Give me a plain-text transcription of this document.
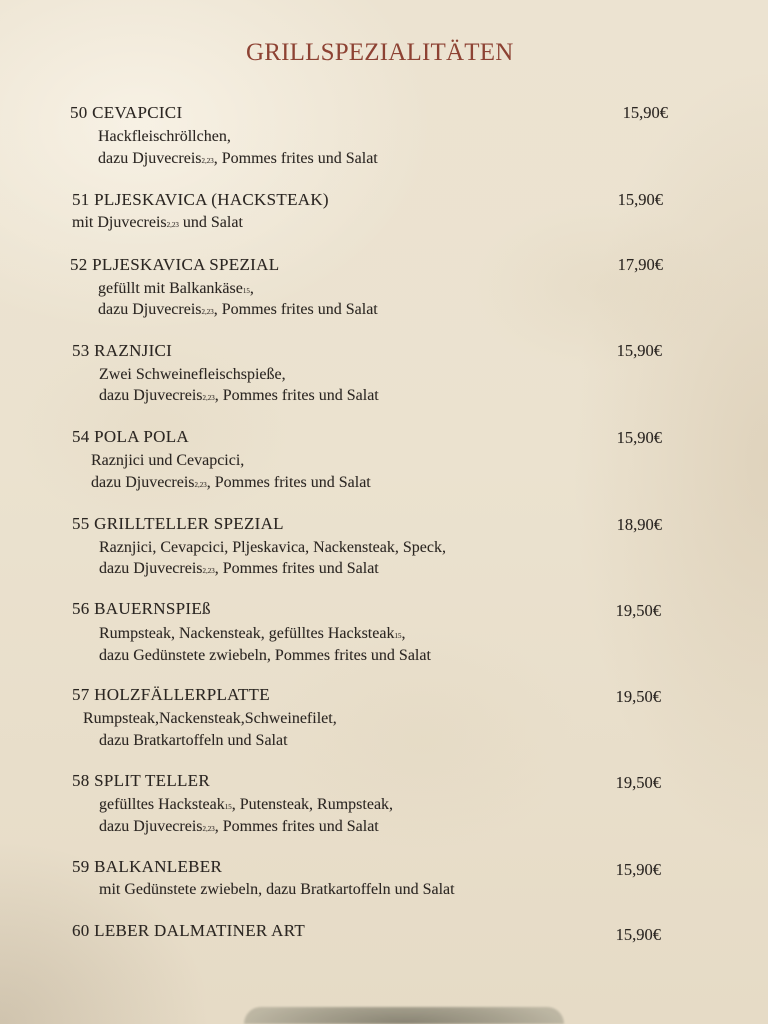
GRILLSPEZIALITÄTEN
50 CEVAPCICI	15,90€
Hackfleischröllchen,
dazu Djuvecreis2,23, Pommes frites und Salat
51 PLJESKAVICA (HACKSTEAK)	15,90€
mit Djuvecreis2,23 und Salat
52 PLJESKAVICA SPEZIAL	17,90€
gefüllt mit Balkankäse15,
dazu Djuvecreis2,23, Pommes frites und Salat
53 RAZNJICI	15,90€
Zwei Schweinefleischspieße,
dazu Djuvecreis2,23, Pommes frites und Salat
54 POLA POLA	15,90€
Raznjici und Cevapcici,
dazu Djuvecreis2,23, Pommes frites und Salat
55 GRILLTELLER SPEZIAL	18,90€
Raznjici, Cevapcici, Pljeskavica, Nackensteak, Speck,
dazu Djuvecreis2,23, Pommes frites und Salat
56 BAUERNSPIEß	19,50€
Rumpsteak, Nackensteak, gefülltes Hacksteak15,
dazu Gedünstete zwiebeln, Pommes frites und Salat
57 HOLZFÄLLERPLATTE	19,50€
Rumpsteak,Nackensteak,Schweinefilet,
dazu Bratkartoffeln und Salat
58 SPLIT TELLER	19,50€
gefülltes Hacksteak15, Putensteak, Rumpsteak,
dazu Djuvecreis2,23, Pommes frites und Salat
59 BALKANLEBER	15,90€
mit Gedünstete zwiebeln, dazu Bratkartoffeln und Salat
60 LEBER DALMATINER ART	15,90€
